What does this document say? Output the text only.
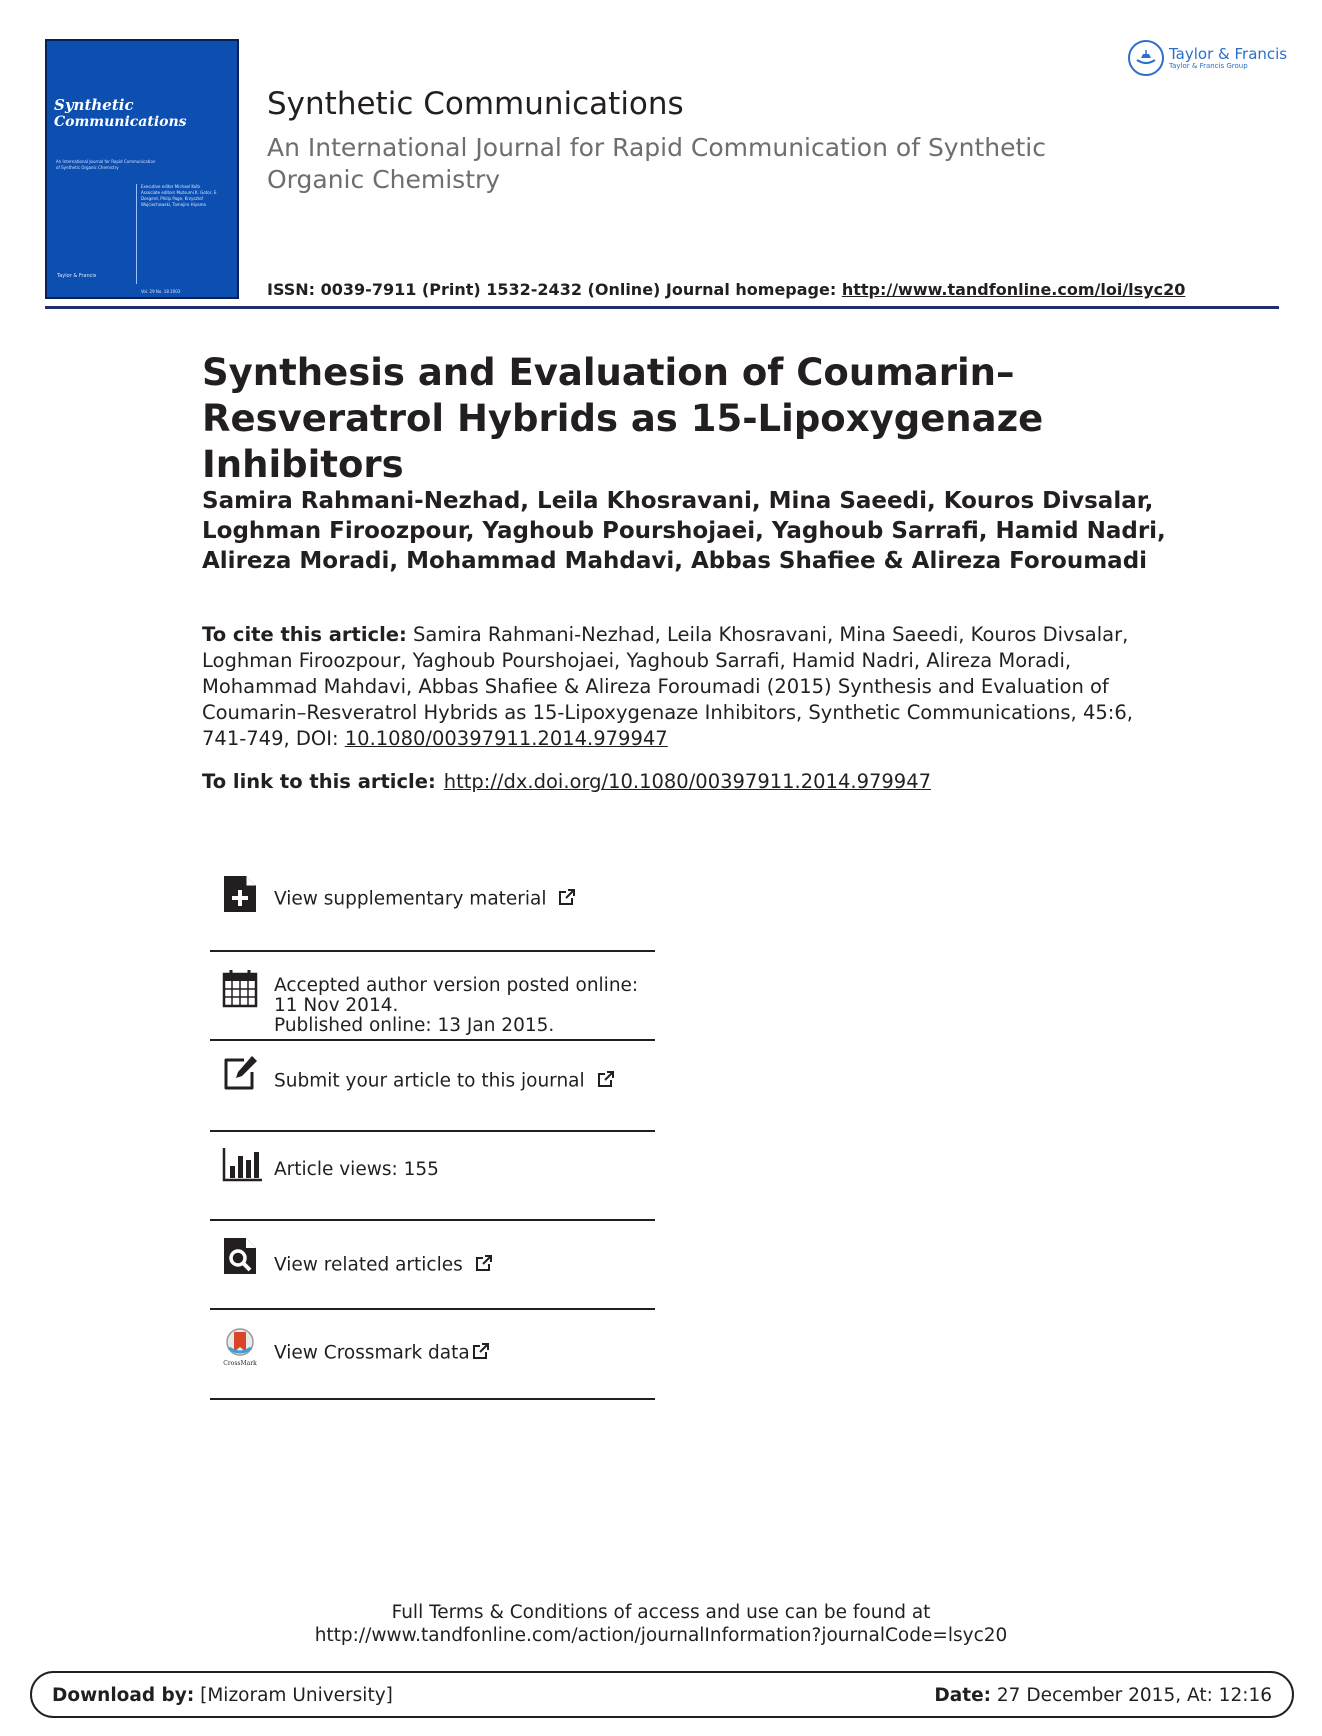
Synthetic
Communications
An International Journal for Rapid Communication of Synthetic Organic Chemistry
Executive editor Michael Kolb
Associate editors Mutsumi K. Gotor, E. Dosgerd, Philip Page, Krzysztof Wojciechowski, Tamejiro Hiyama
Taylor & Francis
Vol. 29 No. 18 2003
Taylor & Francis
Taylor & Francis Group
Synthetic Communications
An International Journal for Rapid Communication of Synthetic Organic Chemistry
ISSN: 0039-7911 (Print) 1532-2432 (Online) Journal homepage: http://www.tandfonline.com/loi/lsyc20
Synthesis and Evaluation of Coumarin–Resveratrol Hybrids as 15-Lipoxygenaze Inhibitors
Samira Rahmani-Nezhad, Leila Khosravani, Mina Saeedi, Kouros Divsalar, Loghman Firoozpour, Yaghoub Pourshojaei, Yaghoub Sarrafi, Hamid Nadri, Alireza Moradi, Mohammad Mahdavi, Abbas Shafiee & Alireza Foroumadi
To cite this article: Samira Rahmani-Nezhad, Leila Khosravani, Mina Saeedi, Kouros Divsalar, Loghman Firoozpour, Yaghoub Pourshojaei, Yaghoub Sarrafi, Hamid Nadri, Alireza Moradi, Mohammad Mahdavi, Abbas Shafiee & Alireza Foroumadi (2015) Synthesis and Evaluation of Coumarin–Resveratrol Hybrids as 15-Lipoxygenaze Inhibitors, Synthetic Communications, 45:6, 741-749, DOI: 10.1080/00397911.2014.979947
To link to this article: http://dx.doi.org/10.1080/00397911.2014.979947
View supplementary material
Accepted author version posted online: 11 Nov 2014.
Published online: 13 Jan 2015.
Submit your article to this journal
Article views: 155
View related articles
CrossMark View Crossmark data
Full Terms & Conditions of access and use can be found at
http://www.tandfonline.com/action/journalInformation?journalCode=lsyc20
Download by: [Mizoram University]	Date: 27 December 2015, At: 12:16
